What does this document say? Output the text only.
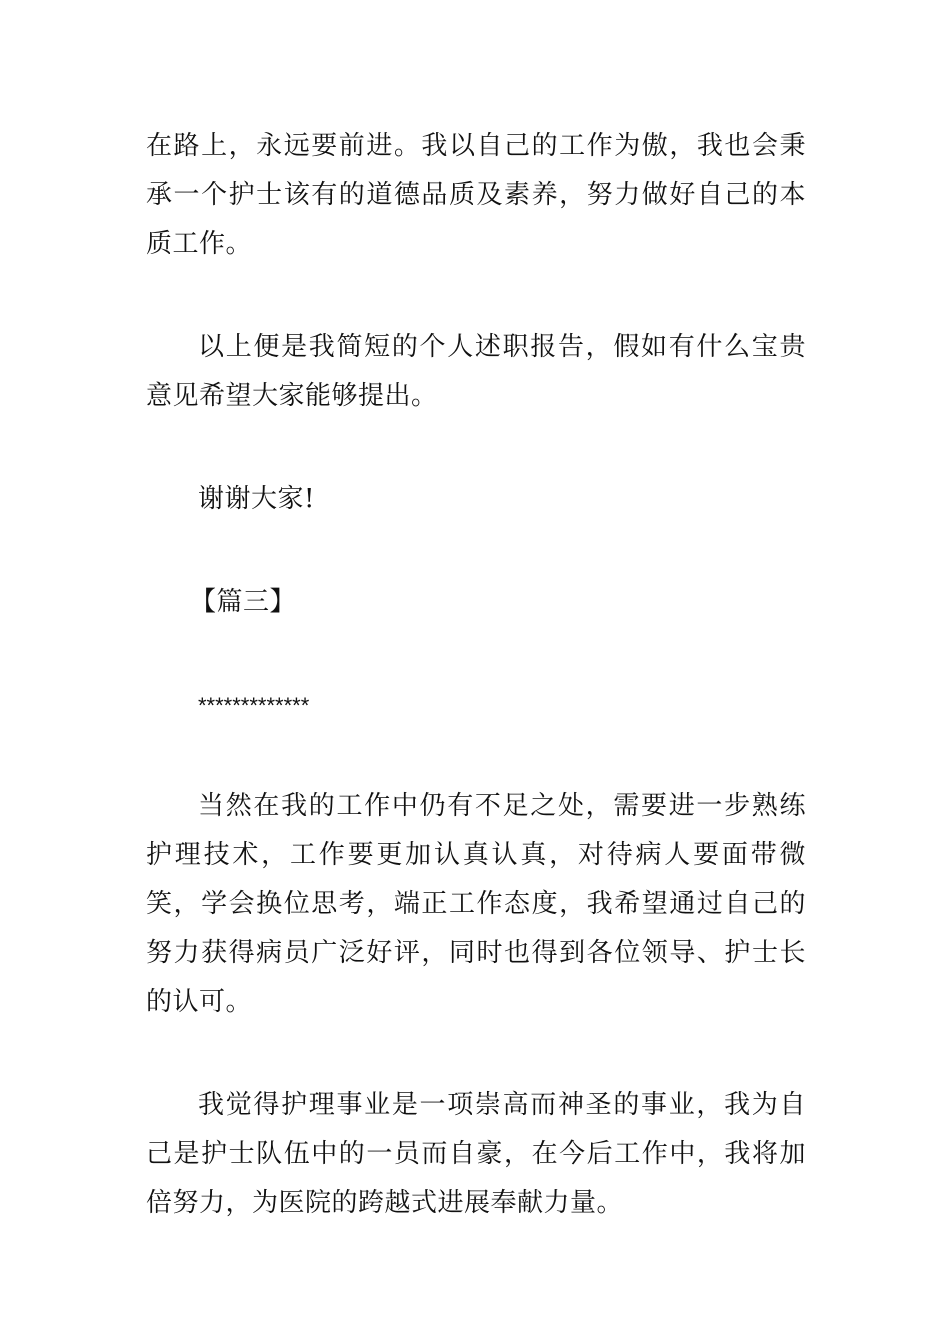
在路上，永远要前进。我以自己的工作为傲，我也会秉承一个护士该有的道德品质及素养，努力做好自己的本质工作。

以上便是我简短的个人述职报告，假如有什么宝贵意见希望大家能够提出。

谢谢大家!

【篇三】

*************

当然在我的工作中仍有不足之处，需要进一步熟练护理技术，工作要更加认真认真，对待病人要面带微笑，学会换位思考，端正工作态度，我希望通过自己的努力获得病员广泛好评，同时也得到各位领导、护士长的认可。

我觉得护理事业是一项崇高而神圣的事业，我为自己是护士队伍中的一员而自豪，在今后工作中，我将加倍努力，为医院的跨越式进展奉献力量。
